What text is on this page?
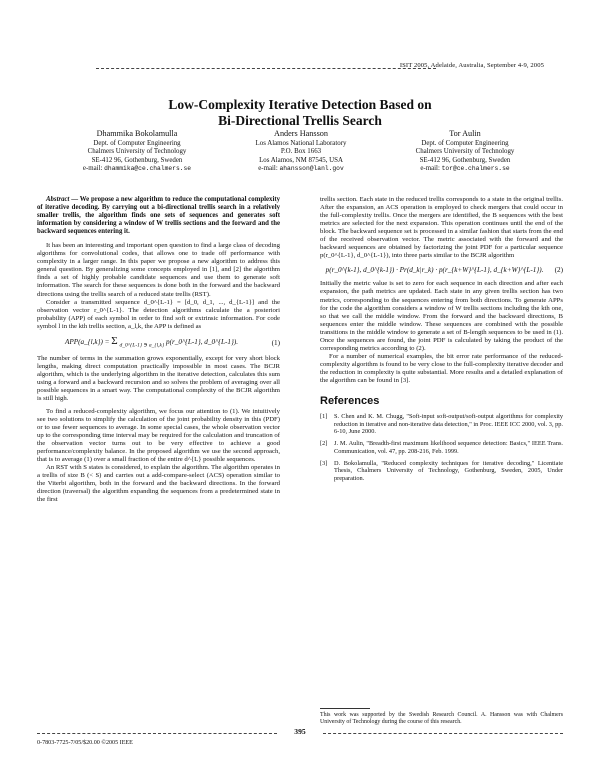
ISIT 2005, Adelaide, Australia, September 4-9, 2005
Low-Complexity Iterative Detection Based on
Bi-Directional Trellis Search
Dhammika Bokolamulla
Dept. of Computer Engineering
Chalmers University of Technology
SE-412 96, Gothenburg, Sweden
e-mail: dhammika@ce.chalmers.se
Anders Hansson
Los Alamos National Laboratory
P.O. Box 1663
Los Alamos, NM 87545, USA
e-mail: ahansson@lanl.gov
Tor Aulin
Dept. of Computer Engineering
Chalmers University of Technology
SE-412 96, Gothenburg, Sweden
e-mail: tor@ce.chalmers.se

Abstract — We propose a new algorithm to reduce the computational complexity of iterative decoding. By carrying out a bi-directional trellis search in a relatively smaller trellis, the algorithm finds one sets of sequences and generates soft information by considering a window of W trellis sections and the forward and the backward sequences entering it.

It has been an interesting and important open question to find a large class of decoding algorithms for convolutional codes, that allows one to trade off performance with complexity in a larger range. In this paper we propose a new algorithm to address this general question. By generalizing some concepts employed in [1], and [2] the algorithm finds a set of highly probable candidate sequences and use them to generate soft information. The search for these sequences is done both in the forward and the backward directions using the trellis search of a reduced state trellis (RST).

Consider a transmitted sequence d_0^{L-1} = [d_0, d_1, ..., d_{L-1}] and the observation vector r_0^{L-1}. The detection algorithms calculate the a posteriori probability (APP) of each symbol in order to find soft or extrinsic information. For code symbol l in the kth trellis section, a_l,k, the APP is defined as

APP(a_{l,k}) = Σ $_{d\_0\^{}\{L-1\} ∋ a\_\{l,k\}}$ p(r_0^{L-1}, d_0^{L-1}).	(1)

The number of terms in the summation grows exponentially, except for very short block lengths, making direct computation practically impossible in most cases. The BCJR algorithm, which is the underlying algorithm in the iterative detection, calculates this sum using a forward and a backward recursion and so solves the problem of averaging over all possible sequences in a smart way. The computational complexity of the BCJR algorithm is still high.

To find a reduced-complexity algorithm, we focus our attention to (1). We intuitively see two solutions to simplify the calculation of the joint probability density in this (PDF) or to use fewer sequences to average. In some special cases, the whole observation vector up to the corresponding time interval may be required for the calculation and truncation of the observation vector turns out to be very effective to achieve a good performance/complexity balance. In the proposed algorithm we use the second approach, that is to average (1) over a small fraction of the entire d^{L} possible sequences.

An RST with S states is considered, to explain the algorithm. The algorithm operates in a trellis of size B (< S) and carries out a add-compare-select (ACS) operation similar to the Viterbi algorithm, both in the forward and the backward directions. In the forward direction (traversal) the algorithm expanding the sequences from a predetermined state in the first

trellis section. Each state in the reduced trellis corresponds to a state in the original trellis. After the expansion, an ACS operation is employed to check mergers that could occur in the full-complexity trellis. Once the mergers are identified, the B sequences with the best metrics are selected for the next expansion. This operation continues until the end of the block. The backward sequence set is processed in a similar fashion that starts from the end of the received observation vector. The metric associated with the forward and the backward sequences are obtained by factorizing the joint PDF for a particular sequence p(r_0^{L-1}, d_0^{L-1}), into three parts similar to the BCJR algorithm

p(r_0^{k-1}, d_0^{k-1}) · Pr(d_k|r_k) · p(r_{k+W}^{L-1}, d_{k+W}^{L-1}).	(2)

Initially the metric value is set to zero for each sequence in each direction and after each expansion, the path metrics are updated. Each state in any given trellis section has two metrics, corresponding to the sequences entering from both directions. To generate APPs for the code the algorithm considers a window of W trellis sections including the kth one, so that we call the middle window. From the forward and the backward directions, B sequences enter the middle window. These sequences are combined with the possible transitions in the middle window to generate a set of B-length sequences to be used in (1). Once the sequences are found, the joint PDF is calculated by taking the product of the corresponding metrics according to (2).

For a number of numerical examples, the bit error rate performance of the reduced-complexity algorithm is found to be very close to the full-complexity iterative decoder and the reduction in complexity is quite substantial. More results and a detailed explanation of the algorithm can be found in [3].

References
[1]	S. Chen and K. M. Chugg, "Soft-input soft-output/soft-output algorithms for complexity reduction in iterative and non-iterative data detection," in Proc. IEEE ICC 2000, vol. 3, pp. 6-10, June 2000.
[2]	J. M. Aulin, "Breadth-first maximum likelihood sequence detection: Basics," IEEE Trans. Communication, vol. 47, pp. 208-216, Feb. 1999.
[3]	D. Bokolamulla, "Reduced complexity techniques for iterative decoding," Licentiate Thesis, Chalmers University of Technology, Gothenburg, Sweden, 2005, Under preparation.
This work was supported by the Swedish Research Council. A. Hansson was with Chalmers University of Technology during the course of this research.
395
0-7803-7725-7/05/$20.00 ©2005 IEEE
